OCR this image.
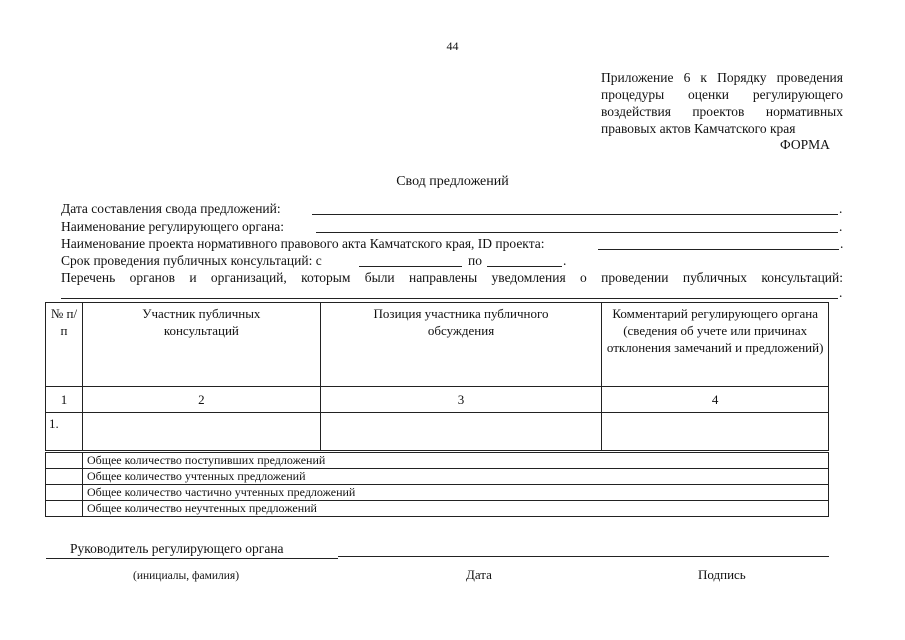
44
Приложение 6 к Порядку проведения
процедуры оценки регулирующего
воздействия проектов нормативных
правовых актов Камчатского края
ФОРМА
Свод предложений
Дата составления свода предложений:	.
Наименование регулирующего органа:	.
Наименование проекта нормативного правового акта Камчатского края, ID проекта:	.
Срок проведения публичных консультаций: с	по	.
Перечень органов и организаций, которым были направлены уведомления о проведении публичных консультаций:
.
№ п/п	Участник публичных консультаций	Позиция участника публичного обсуждения	Комментарий регулирующего органа (сведения об учете или причинах отклонения замечаний и предложений)
1	2	3	4
1.			
	Общее количество поступивших предложений
	Общее количество учтенных предложений
	Общее количество частично учтенных предложений
	Общее количество неучтенных предложений
Руководитель регулирующего органа
(инициалы, фамилия)	Дата	Подпись
